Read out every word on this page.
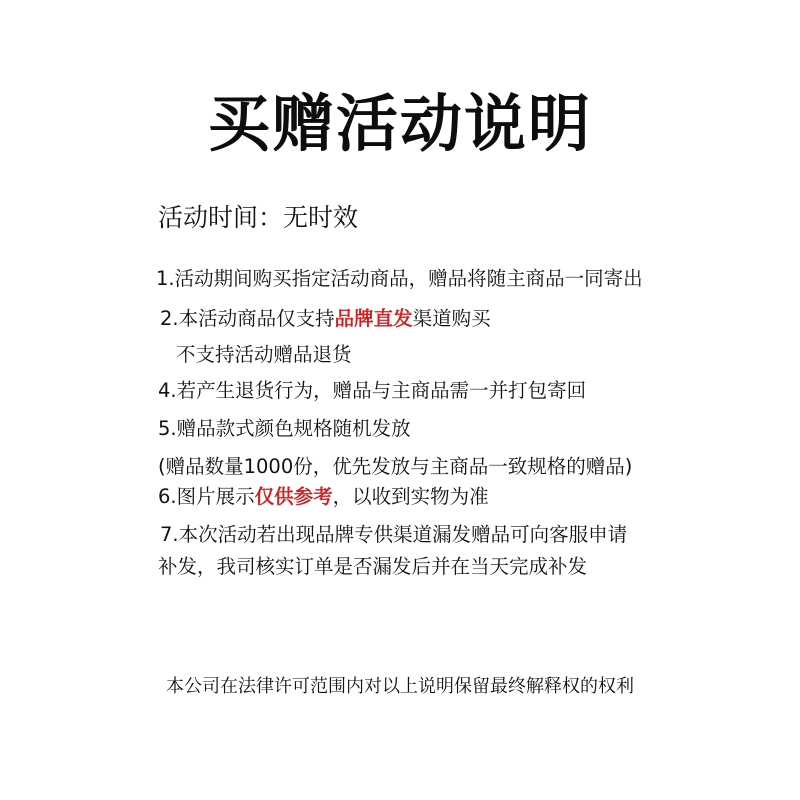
买赠活动说明
活动时间：无时效
1.活动期间购买指定活动商品，赠品将随主商品一同寄出
2.本活动商品仅支持品牌直发渠道购买
不支持活动赠品退货
4.若产生退货行为，赠品与主商品需一并打包寄回
5.赠品款式颜色规格随机发放
(赠品数量1000份，优先发放与主商品一致规格的赠品)
6.图片展示仅供参考，以收到实物为准
7.本次活动若出现品牌专供渠道漏发赠品可向客服申请
补发，我司核实订单是否漏发后并在当天完成补发
本公司在法律许可范围内对以上说明保留最终解释权的权利
